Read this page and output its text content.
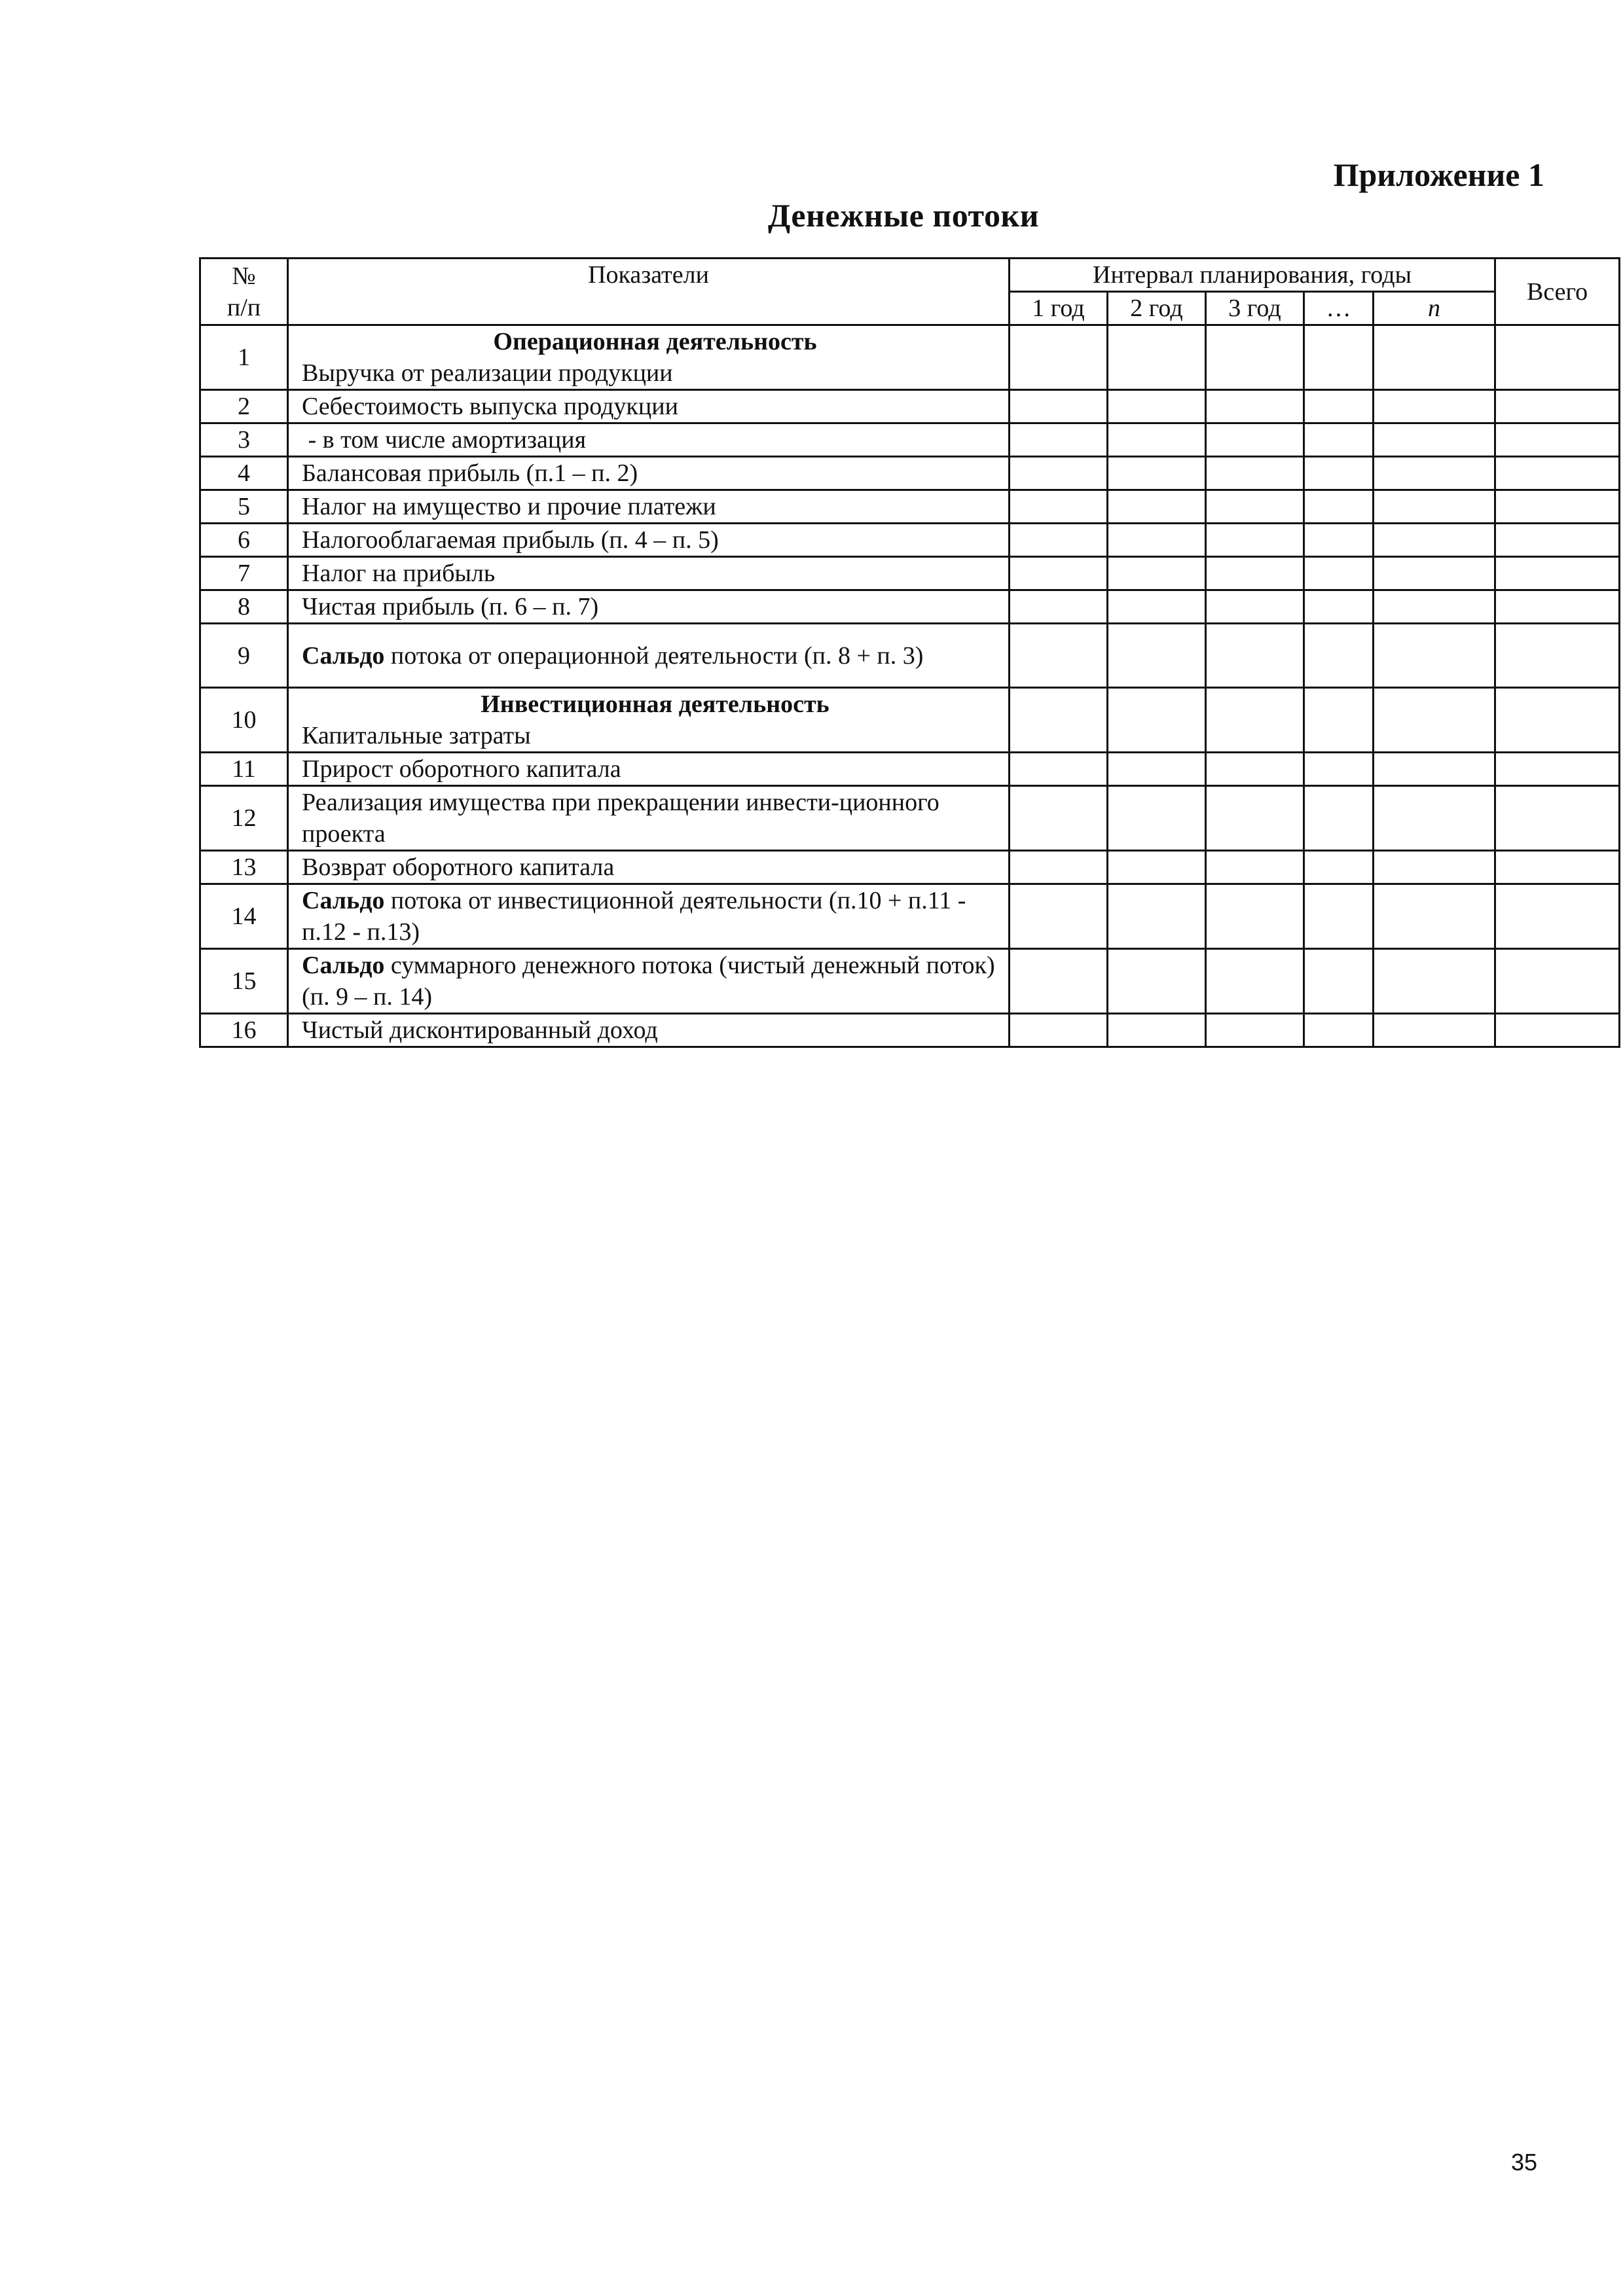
Приложение 1
Денежные потоки
№
п/п	Показатели	Интервал планирования, годы					Всего
		1 год	2 год	3 год	…	n	
1	Операционная деятельность
Выручка от реализации продукции						
2	Себестоимость выпуска продукции						
3	- в том числе амортизация						
4	Балансовая прибыль (п.1 – п. 2)						
5	Налог на имущество и прочие платежи						
6	Налогооблагаемая прибыль (п. 4 – п. 5)						
7	Налог на прибыль						
8	Чистая прибыль (п. 6 – п. 7)						
9	Сальдо потока от операционной деятельности (п. 8 + п. 3)						
10	Инвестиционная деятельность
Капитальные затраты						
11	Прирост оборотного капитала						
12	Реализация имущества при прекращении инвести-ционного проекта						
13	Возврат оборотного капитала						
14	Сальдо потока от инвестиционной деятельности (п.10 + п.11 - п.12 - п.13)						
15	Сальдо суммарного денежного потока (чистый денежный поток) (п. 9 – п. 14)						
16	Чистый дисконтированный доход						
35
